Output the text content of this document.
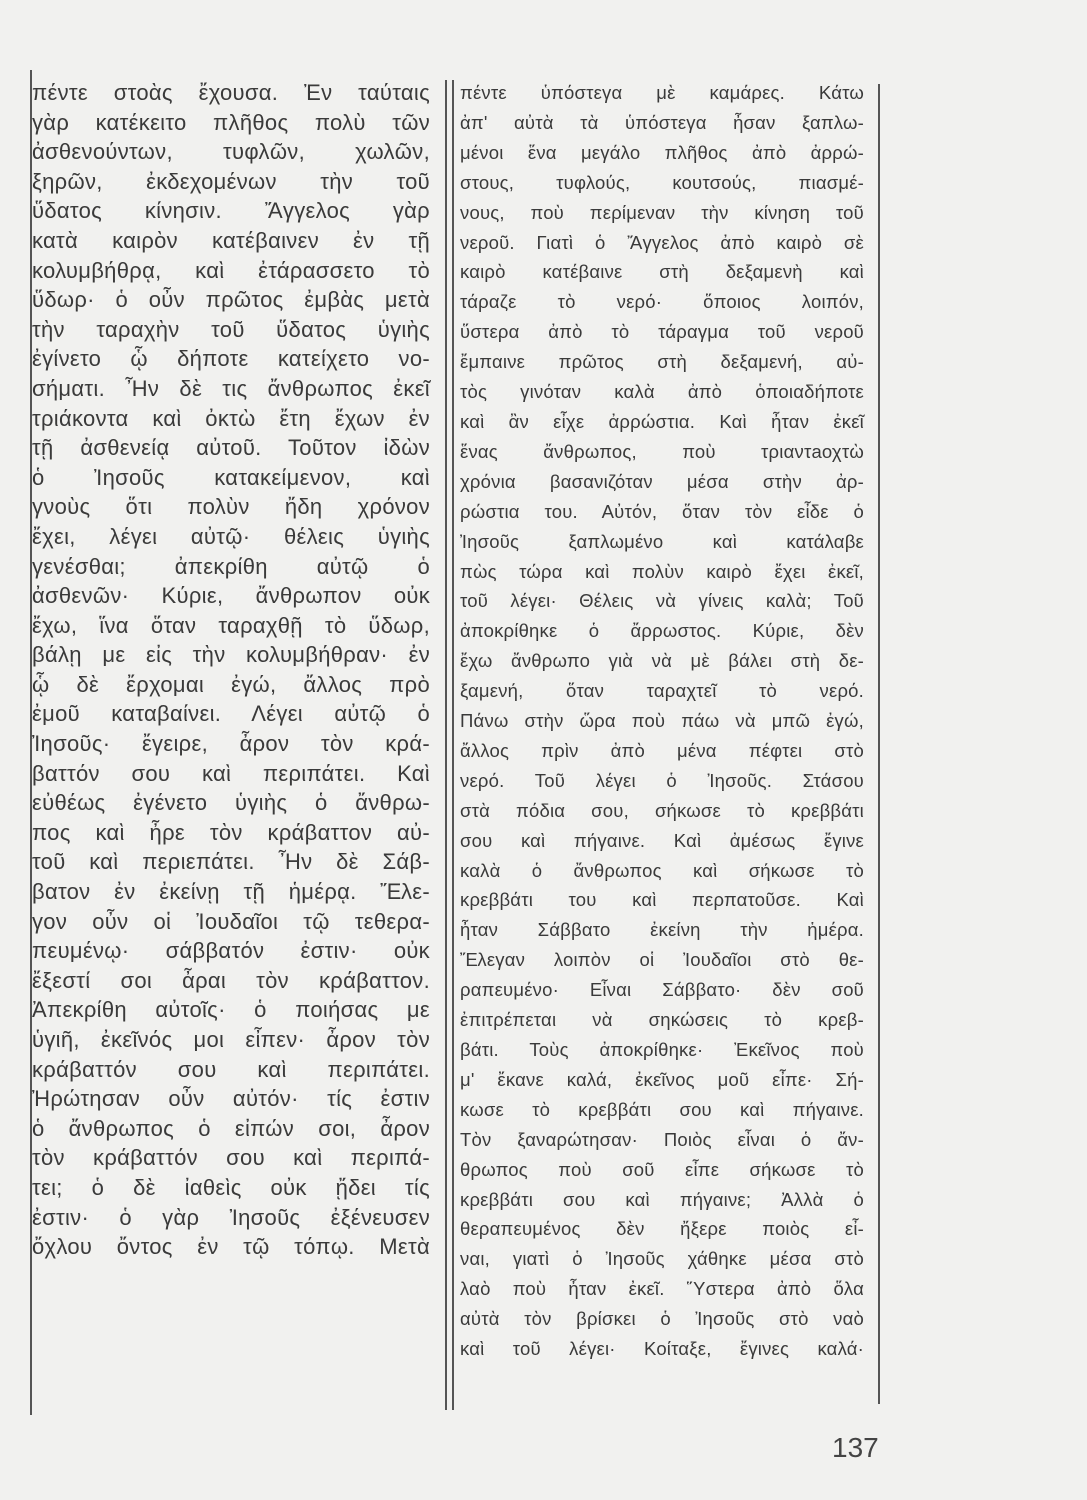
πέντε στοὰς ἔχουσα. Ἐν ταύταις
γὰρ κατέκειτο πλῆθος πολὺ τῶν
ἀσθενούντων, τυφλῶν, χωλῶν,
ξηρῶν, ἐκδεχομένων τὴν τοῦ
ὕδατος κίνησιν. Ἄγγελος γὰρ
κατὰ καιρὸν κατέβαινεν ἐν τῇ
κολυμβήθρᾳ, καὶ ἐτάρασσετο τὸ
ὕδωρ· ὁ οὖν πρῶτος ἐμβὰς μετὰ
τὴν ταραχὴν τοῦ ὕδατος ὑγιὴς
ἐγίνετο ᾧ δήποτε κατείχετο νο-
σήματι. Ἦν δὲ τις ἄνθρωπος ἐκεῖ
τριάκοντα καὶ ὀκτὼ ἔτη ἔχων ἐν
τῇ ἀσθενείᾳ αὐτοῦ. Τοῦτον ἰδὼν
ὁ Ἰησοῦς κατακείμενον, καὶ
γνοὺς ὅτι πολὺν ἤδη χρόνον
ἔχει, λέγει αὐτῷ· θέλεις ὑγιὴς
γενέσθαι; ἀπεκρίθη αὐτῷ ὁ
ἀσθενῶν· Κύριε, ἄνθρωπον οὐκ
ἔχω, ἵνα ὅταν ταραχθῇ τὸ ὕδωρ,
βάλῃ με εἰς τὴν κολυμβήθραν· ἐν
ᾧ δὲ ἔρχομαι ἐγώ, ἄλλος πρὸ
ἐμοῦ καταβαίνει. Λέγει αὐτῷ ὁ
Ἰησοῦς· ἔγειρε, ἆρον τὸν κρά-
βαττόν σου καὶ περιπάτει. Καὶ
εὐθέως ἐγένετο ὑγιὴς ὁ ἄνθρω-
πος καὶ ἦρε τὸν κράβαττον αὐ-
τοῦ καὶ περιεπάτει. Ἦν δὲ Σάβ-
βατον ἐν ἐκείνῃ τῇ ἡμέρᾳ. Ἔλε-
γον οὖν οἱ Ἰουδαῖοι τῷ τεθερα-
πευμένῳ· σάββατόν ἐστιν· οὐκ
ἔξεστί σοι ἆραι τὸν κράβαττον.
Ἀπεκρίθη αὐτοῖς· ὁ ποιήσας με
ὑγιῆ, ἐκεῖνός μοι εἶπεν· ἆρον τὸν
κράβαττόν σου καὶ περιπάτει.
Ἠρώτησαν οὖν αὐτόν· τίς ἐστιν
ὁ ἄνθρωπος ὁ εἰπών σοι, ἆρον
τὸν κράβαττόν σου καὶ περιπά-
τει; ὁ δὲ ἰαθεὶς οὐκ ᾔδει τίς
ἐστιν· ὁ γὰρ Ἰησοῦς ἐξένευσεν
ὄχλου ὄντος ἐν τῷ τόπῳ. Μετὰ
πέντε ὑπόστεγα μὲ καμάρες. Κάτω
ἀπ' αὐτὰ τὰ ὑπόστεγα ἦσαν ξαπλω-
μένοι ἕνα μεγάλο πλῆθος ἀπὸ ἀρρώ-
στους, τυφλούς, κουτσούς, πιασμέ-
νους, ποὺ περίμεναν τὴν κίνηση τοῦ
νεροῦ. Γιατὶ ὁ Ἄγγελος ἀπὸ καιρὸ σὲ
καιρὸ κατέβαινε στὴ δεξαμενὴ καὶ
τάραζε τὸ νερό· ὅποιος λοιπόν,
ὕστερα ἀπὸ τὸ τάραγμα τοῦ νεροῦ
ἔμπαινε πρῶτος στὴ δεξαμενή, αὐ-
τὸς γινόταν καλὰ ἀπὸ ὁποιαδήποτε
καὶ ἂν εἶχε ἀρρώστια. Καὶ ἦταν ἐκεῖ
ἕνας ἄνθρωπος, ποὺ τριαντaοχτὼ
χρόνια βασανιζόταν μέσα στὴν ἀρ-
ρώστια του. Αὐτόν, ὅταν τὸν εἶδε ὁ
Ἰησοῦς ξαπλωμένο καὶ κατάλαβε
πὼς τώρα καὶ πολὺν καιρὸ ἔχει ἐκεῖ,
τοῦ λέγει· Θέλεις νὰ γίνεις καλὰ; Τοῦ
ἀποκρίθηκε ὁ ἄρρωστος. Κύριε, δὲν
ἔχω ἄνθρωπο γιὰ νὰ μὲ βάλει στὴ δε-
ξαμενή, ὅταν ταραχτεῖ τὸ νερό.
Πάνω στὴν ὥρα ποὺ πάω νὰ μπῶ ἐγώ,
ἄλλος πρὶν ἀπὸ μένα πέφτει στὸ
νερό. Τοῦ λέγει ὁ Ἰησοῦς. Στάσου
στὰ πόδια σου, σήκωσε τὸ κρεββάτι
σου καὶ πήγαινε. Καὶ ἀμέσως ἔγινε
καλὰ ὁ ἄνθρωπος καὶ σήκωσε τὸ
κρεββάτι του καὶ περπατοῦσε. Καὶ
ἦταν Σάββατο ἐκείνη τὴν ἡμέρα.
Ἔλεγαν λοιπὸν οἱ Ἰουδαῖοι στὸ θε-
ραπευμένο· Εἶναι Σάββατο· δὲν σοῦ
ἐπιτρέπεται νὰ σηκώσεις τὸ κρεβ-
βάτι. Τοὺς ἀποκρίθηκε· Ἐκεῖνος ποὺ
μ' ἔκανε καλά, ἐκεῖνος μοῦ εἶπε· Σή-
κωσε τὸ κρεββάτι σου καὶ πήγαινε.
Τὸν ξαναρώτησαν· Ποιὸς εἶναι ὁ ἄν-
θρωπος ποὺ σοῦ εἶπε σήκωσε τὸ
κρεββάτι σου καὶ πήγαινε; Ἀλλὰ ὁ
θεραπευμένος δὲν ἤξερε ποιὸς εἶ-
ναι, γιατὶ ὁ Ἰησοῦς χάθηκε μέσα στὸ
λαὸ ποὺ ἦταν ἐκεῖ. Ὕστερα ἀπὸ ὅλα
αὐτὰ τὸν βρίσκει ὁ Ἰησοῦς στὸ ναὸ
καὶ τοῦ λέγει· Κοίταξε, ἔγινες καλά·
137
